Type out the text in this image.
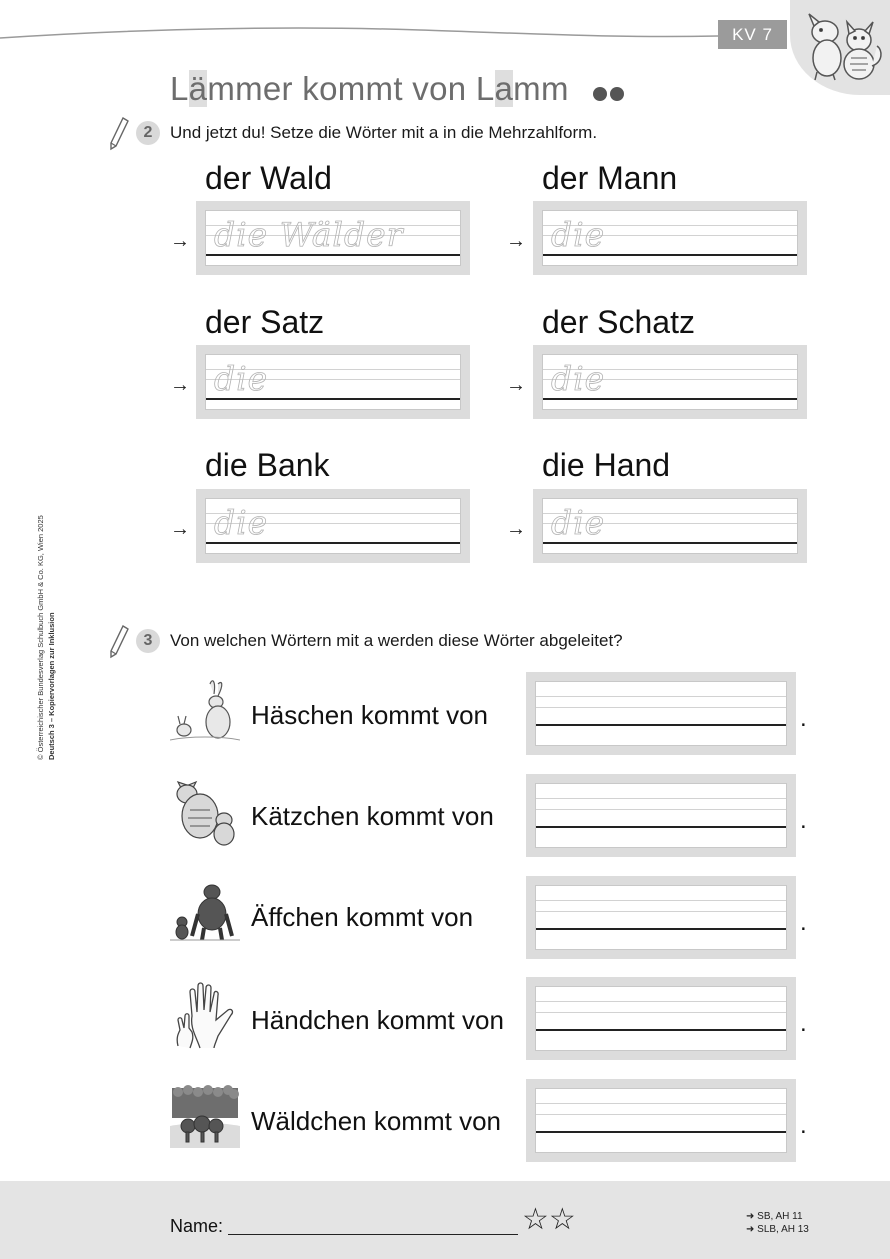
KV 7
Lämmer kommt von Lamm
2	Und jetzt du! Setze die Wörter mit a in die Mehrzahlform.
der Wald	der Mann
→	→
die Wälder	die
der Satz	der Schatz
→	→
die	die
die Bank	die Hand
→	→
die	die
3	Von welchen Wörtern mit a werden diese Wörter abgeleitet?
Häschen kommt von	.
Kätzchen kommt von	.
Äffchen kommt von	.
Händchen kommt von	.
Wäldchen kommt von	.
© Österreichischer Bundesverlag Schulbuch GmbH & Co. KG, Wien 2025 Deutsch 3 – Kopiervorlagen zur Inklusion
Name:	☆☆	➜ SB, AH 11
➜ SLB, AH 13
